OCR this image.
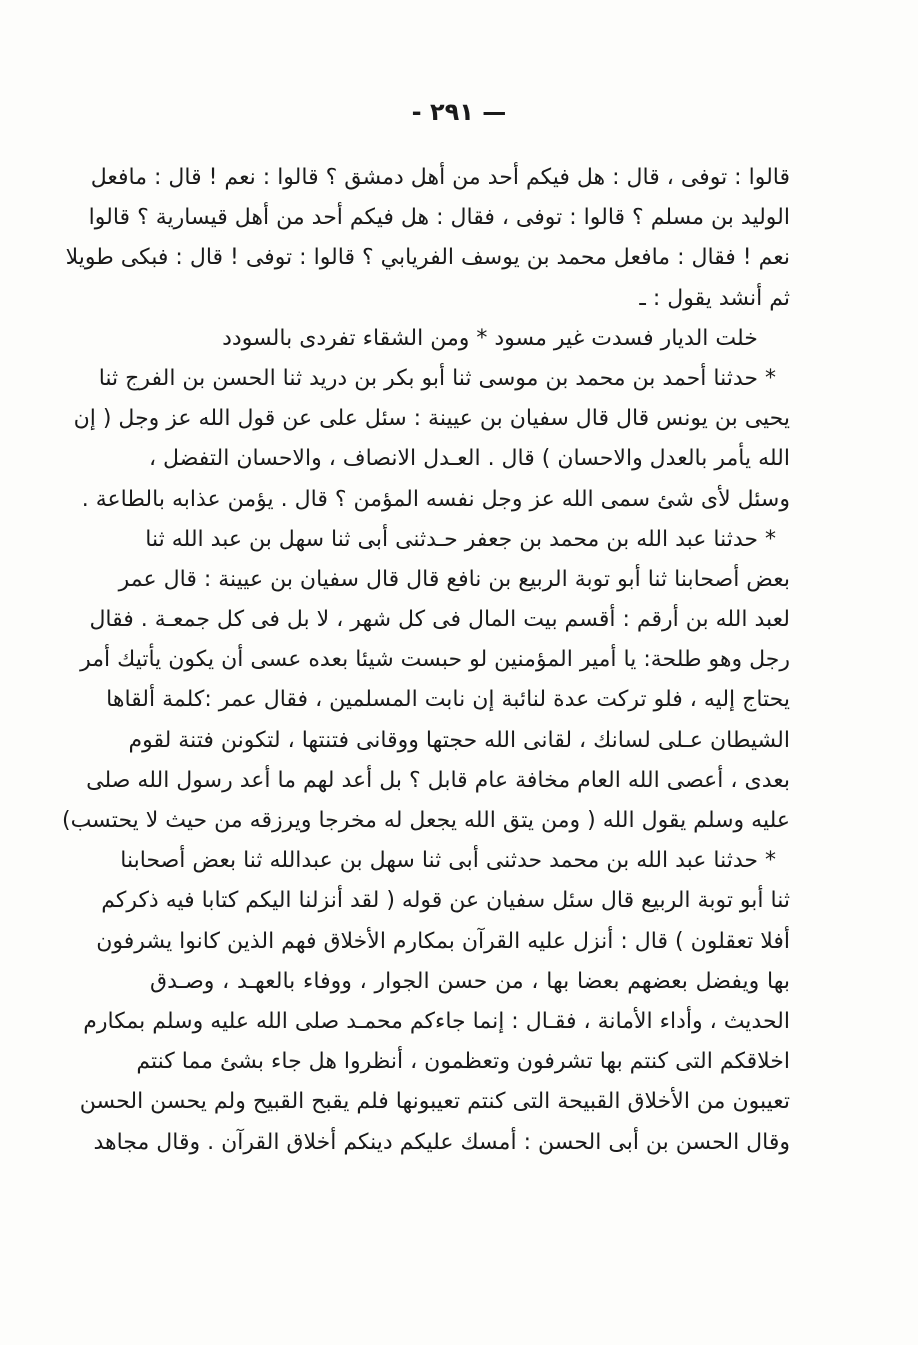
— ٢٩١ -
قالوا : توفى ، قال : هل فيكم أحد من أهل دمشق ؟ قالوا : نعم ! قال : مافعل
الوليد بن مسلم ؟ قالوا : توفى ، فقال : هل فيكم أحد من أهل قيسارية ؟ قالوا
نعم ! فقال : مافعل محمد بن يوسف الفريابي ؟ قالوا : توفى ! قال : فبكى طويلا
ثم أنشد يقول : ـ
خلت الديار فسدت غير مسود * ومن الشقاء تفردى بالسودد
* حدثنا أحمد بن محمد بن موسى ثنا أبو بكر بن دريد ثنا الحسن بن الفرج ثنا
يحيى بن يونس قال قال سفيان بن عيينة : سئل على عن قول الله عز وجل ( إن
الله يأمر بالعدل والاحسان ) قال . العـدل الانصاف ، والاحسان التفضل ،
وسئل لأى شئ سمى الله عز وجل نفسه المؤمن ؟ قال . يؤمن عذابه بالطاعة .
* حدثنا عبد الله بن محمد بن جعفر حـدثنى أبى ثنا سهل بن عبد الله ثنا
بعض أصحابنا ثنا أبو توبة الربيع بن نافع قال قال سفيان بن عيينة : قال عمر
لعبد الله بن أرقم : أقسم بيت المال فى كل شهر ، لا بل فى كل جمعـة . فقال
رجل وهو طلحة: يا أمير المؤمنين لو حبست شيئا بعده عسى أن يكون يأتيك أمر
يحتاج إليه ، فلو تركت عدة لنائبة إن نابت المسلمين ، فقال عمر :كلمة ألقاها
الشيطان عـلى لسانك ، لقانى الله حجتها ووقانى فتنتها ، لتكونن فتنة لقوم
بعدى ، أعصى الله العام مخافة عام قابل ؟ بل أعد لهم ما أعد رسول الله صلى
عليه وسلم يقول الله ( ومن يتق الله يجعل له مخرجا ويرزقه من حيث لا يحتسب)
* حدثنا عبد الله بن محمد حدثنى أبى ثنا سهل بن عبدالله ثنا بعض أصحابنا
ثنا أبو توبة الربيع قال سئل سفيان عن قوله ( لقد أنزلنا اليكم كتابا فيه ذكركم
أفلا تعقلون ) قال : أنزل عليه القرآن بمكارم الأخلاق فهم الذين كانوا يشرفون
بها ويفضل بعضهم بعضا بها ، من حسن الجوار ، ووفاء بالعهـد ، وصـدق
الحديث ، وأداء الأمانة ، فقـال : إنما جاءكم محمـد صلى الله عليه وسلم بمكارم
اخلاقكم التى كنتم بها تشرفون وتعظمون ، أنظروا هل جاء بشئ مما كنتم
تعيبون من الأخلاق القبيحة التى كنتم تعيبونها فلم يقبح القبيح ولم يحسن الحسن
وقال الحسن بن أبى الحسن : أمسك عليكم دينكم أخلاق القرآن . وقال مجاهد
